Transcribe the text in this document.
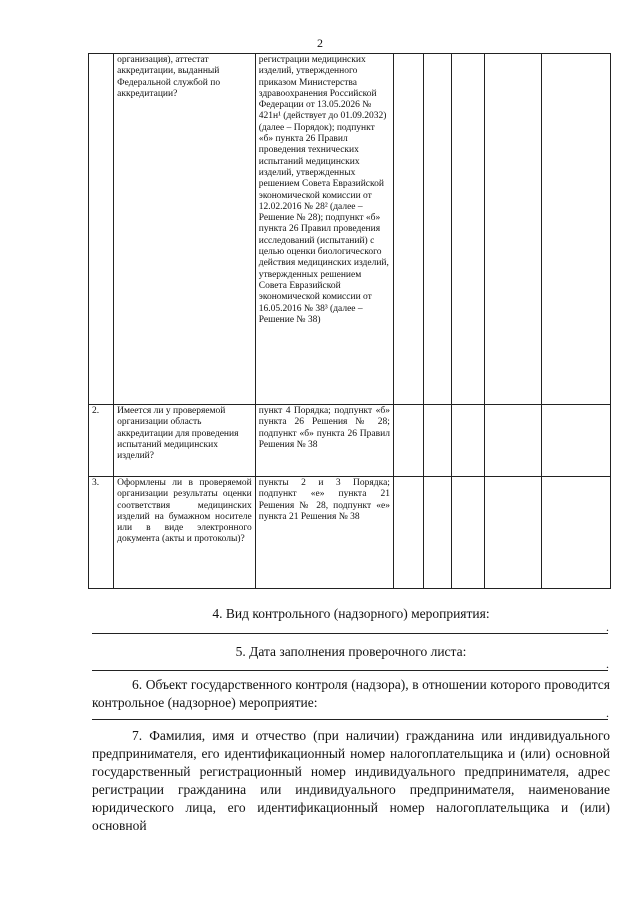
2
	организация), аттестат аккредитации, выданный Федеральной службой по аккредитации?	регистрации медицинских изделий, утвержденного приказом Министерства здравоохранения Российской Федерации от 13.05.2026 № 421н¹ (действует до 01.09.2032) (далее – Порядок); подпункт «б» пункта 26 Правил проведения технических испытаний медицинских изделий, утвержденных решением Совета Евразийской экономической комиссии от 12.02.2016 № 28² (далее – Решение № 28); подпункт «б» пункта 26 Правил проведения исследований (испытаний) с целью оценки биологического действия медицинских изделий, утвержденных решением Совета Евразийской экономической комиссии от 16.05.2016 № 38³ (далее – Решение № 38)					
2.	Имеется ли у проверяемой организации область аккредитации для проведения испытаний медицинских изделий?	пункт 4 Порядка; подпункт «б» пункта 26 Решения № 28; подпункт «б» пункта 26 Правил Решения № 38					
3.	Оформлены ли в проверяемой организации результаты оценки соответствия медицинских изделий на бумажном носителе или в виде электронного документа (акты и протоколы)?	пункты 2 и 3 Порядка; подпункт «е» пункта 21 Решения № 28, подпункт «е» пункта 21 Решения № 38					
4. Вид контрольного (надзорного) мероприятия:
.
5. Дата заполнения проверочного листа:
.
6. Объект государственного контроля (надзора), в отношении которого проводится контрольное (надзорное) мероприятие:
.
7. Фамилия, имя и отчество (при наличии) гражданина или индивидуального предпринимателя, его идентификационный номер налогоплательщика и (или) основной государственный регистрационный номер индивидуального предпринимателя, адрес регистрации гражданина или индивидуального предпринимателя, наименование юридического лица, его идентификационный номер налогоплательщика и (или) основной
